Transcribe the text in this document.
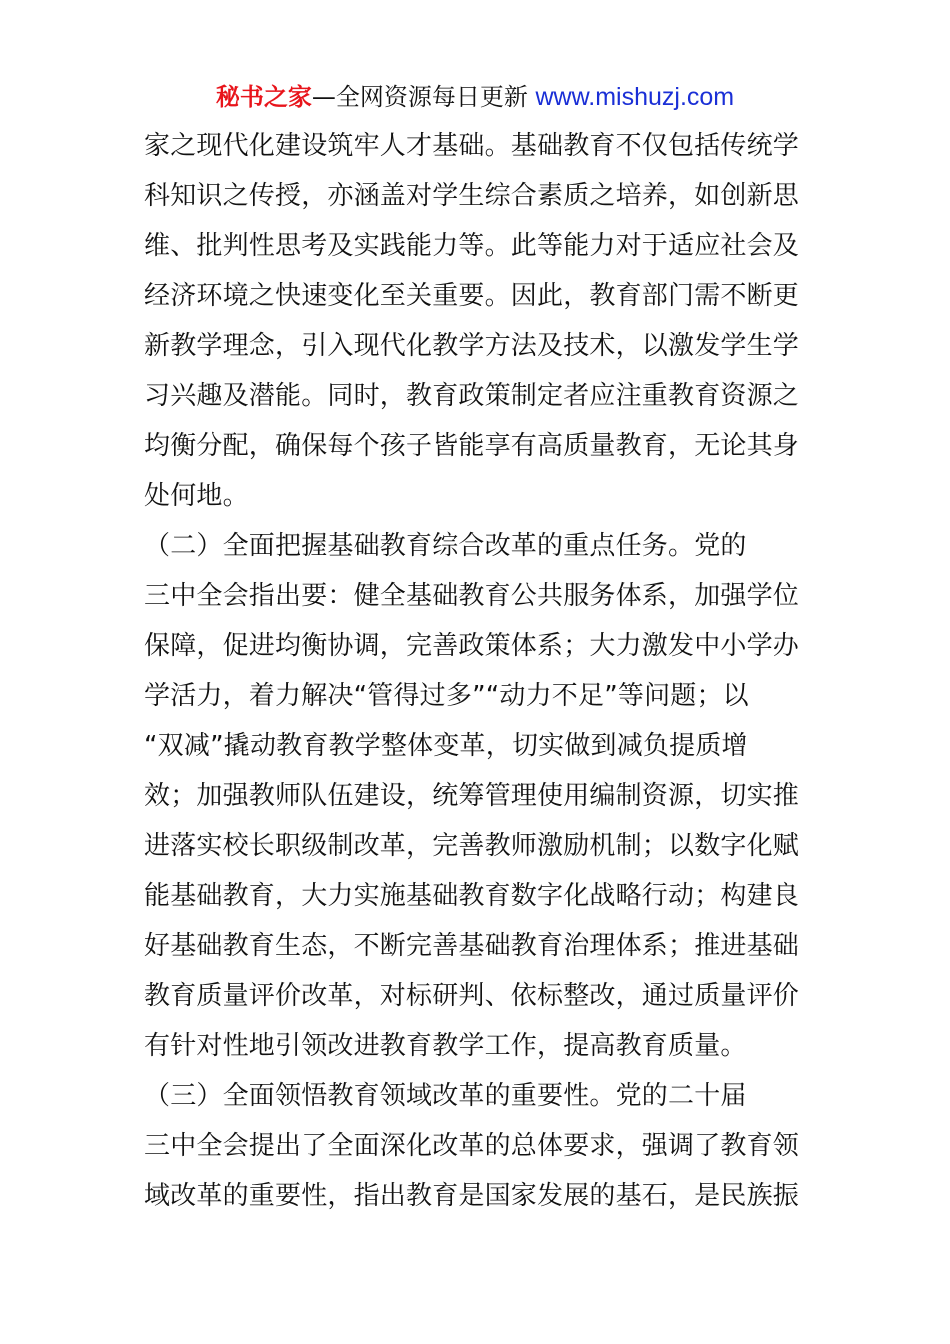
秘书之家—全网资源每日更新 www.mishuzj.com
家之现代化建设筑牢人才基础。基础教育不仅包括传统学
科知识之传授，亦涵盖对学生综合素质之培养，如创新思
维、批判性思考及实践能力等。此等能力对于适应社会及
经济环境之快速变化至关重要。因此，教育部门需不断更
新教学理念，引入现代化教学方法及技术，以激发学生学
习兴趣及潜能。同时，教育政策制定者应注重教育资源之
均衡分配，确保每个孩子皆能享有高质量教育，无论其身
处何地。
（二）全面把握基础教育综合改革的重点任务。党的
三中全会指出要：健全基础教育公共服务体系，加强学位
保障，促进均衡协调，完善政策体系；大力激发中小学办
学活力，着力解决“管得过多”“动力不足”等问题；以
“双减”撬动教育教学整体变革，切实做到减负提质增
效；加强教师队伍建设，统筹管理使用编制资源，切实推
进落实校长职级制改革，完善教师激励机制；以数字化赋
能基础教育，大力实施基础教育数字化战略行动；构建良
好基础教育生态，不断完善基础教育治理体系；推进基础
教育质量评价改革，对标研判、依标整改，通过质量评价
有针对性地引领改进教育教学工作，提高教育质量。
（三）全面领悟教育领域改革的重要性。党的二十届
三中全会提出了全面深化改革的总体要求，强调了教育领
域改革的重要性，指出教育是国家发展的基石，是民族振
